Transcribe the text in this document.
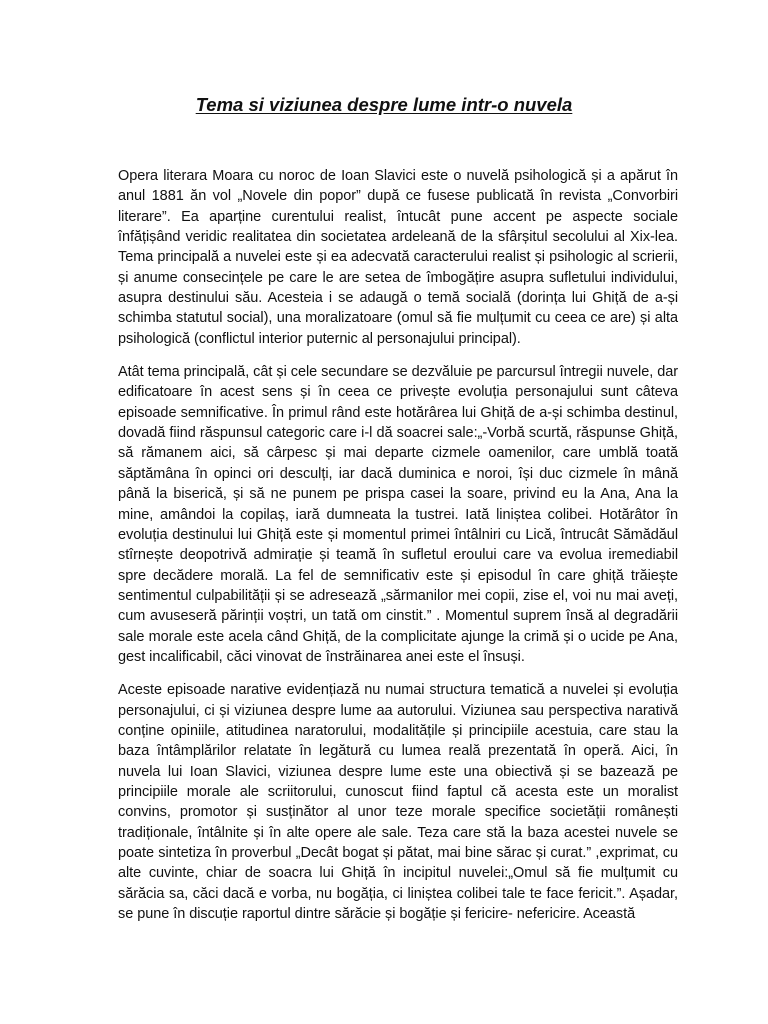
Tema si viziunea despre lume intr-o nuvela

Opera literara Moara cu noroc de Ioan Slavici este o nuvelă psihologică și a apărut în anul 1881 ăn vol „Novele din popor” după ce fusese publicată în revista „Convorbiri literare”. Ea aparține curentului realist, întucât pune accent pe aspecte sociale înfățișând veridic realitatea din societatea ardeleană de la sfârșitul secolului al Xix-lea. Tema principală a nuvelei este și ea adecvată caracterului realist și psihologic al scrierii, și anume consecințele pe care le are setea de îmbogățire asupra sufletului individului, asupra destinului său. Acesteia i se adaugă o temă socială (dorința lui Ghiță de a-și schimba statutul social), una moralizatoare (omul să fie mulțumit cu ceea ce are) și alta psihologică (conflictul interior puternic al personajului principal).

Atât tema principală, cât și cele secundare se dezvăluie pe parcursul întregii nuvele, dar edificatoare în acest sens și în ceea ce privește evoluția personajului sunt câteva episoade semnificative. În primul rând este hotărârea lui Ghiță de a-și schimba destinul, dovadă fiind răspunsul categoric care i-l dă soacrei sale:„-Vorbă scurtă, răspunse Ghiță, să rămanem aici, să cârpesc și mai departe cizmele oamenilor, care umblă toată săptămâna în opinci ori desculți, iar dacă duminica e noroi, își duc cizmele în mână până la biserică, și să ne punem pe prispa casei la soare, privind eu la Ana, Ana la mine, amândoi la copilaș, iară dumneata la tustrei. Iată liniștea colibei. Hotărâtor în evoluția destinului lui Ghiță este și momentul primei întâlniri cu Lică, întrucât Sămădăul stîrnește deopotrivă admirație și teamă în sufletul eroului care va evolua iremediabil spre decădere morală. La fel de semnificativ este și episodul în care ghiță trăiește sentimentul culpabilității și se adresează „sărmanilor mei copii, zise el, voi nu mai aveți, cum avuseseră părinții voștri, un tată om cinstit.” . Momentul suprem însă al degradării sale morale este acela când Ghiță, de la complicitate ajunge la crimă și o ucide pe Ana, gest incalificabil, căci vinovat de înstrăinarea anei este el însuși.

Aceste episoade narative evidențiază nu numai structura tematică a nuvelei și evoluția personajului, ci și viziunea despre lume aa autorului. Viziunea sau perspectiva narativă conține opiniile, atitudinea naratorului, modalitățile și principiile acestuia, care stau la baza întâmplărilor relatate în legătură cu lumea reală prezentată în operă. Aici, în nuvela lui Ioan Slavici, viziunea despre lume este una obiectivă și se bazează pe principiile morale ale scriitorului, cunoscut fiind faptul că acesta este un moralist convins, promotor și susținător al unor teze morale specifice societății românești tradiționale, întâlnite și în alte opere ale sale. Teza care stă la baza acestei nuvele se poate sintetiza în proverbul „Decât bogat și pătat, mai bine sărac și curat.” ,exprimat, cu alte cuvinte, chiar de soacra lui Ghiță în incipitul nuvelei:„Omul să fie mulțumit cu sărăcia sa, căci dacă e vorba, nu bogăția, ci liniștea colibei tale te face fericit.”. Așadar, se pune în discuție raportul dintre sărăcie și bogăție și fericire- nefericire. Această
